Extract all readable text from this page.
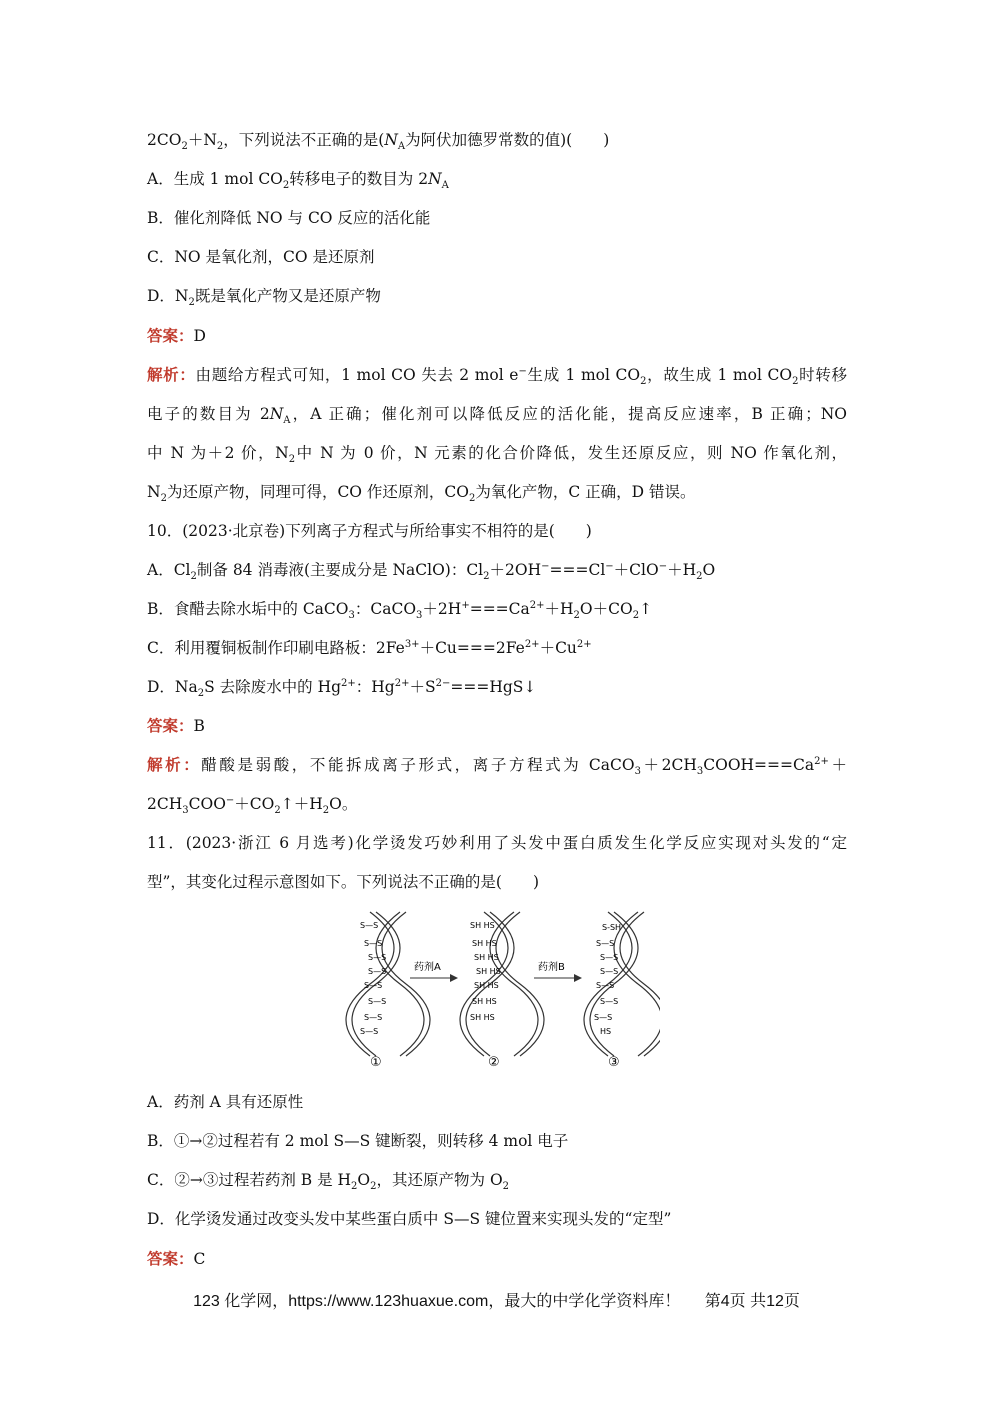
$2CO_2+N_2$，下列说法不正确的是($N_A$为阿伏加德罗常数的值)(　　)
A．生成 1 mol $CO_2$转移电子的数目为 $2N_A$
B．催化剂降低 NO 与 CO 反应的活化能
C．NO 是氧化剂，CO 是还原剂
D．$N_2$既是氧化产物又是还原产物
答案：D
解析：由题给方程式可知，1 mol CO 失去 2 mol e−生成 1 mol $CO_2$，故生成 1 mol $CO_2$时转移
电子的数目为 $2N_A$，A 正确；催化剂可以降低反应的活化能，提高反应速率，B 正确；NO
中 N 为＋2 价，$N_2$中 N 为 0 价，N 元素的化合价降低，发生还原反应，则 NO 作氧化剂，
$N_2$为还原产物，同理可得，CO 作还原剂，$CO_2$为氧化产物，C 正确，D 错误。
10．(2023·北京卷)下列离子方程式与所给事实不相符的是(　　)
A．$Cl_2$制备 84 消毒液(主要成分是 NaClO)：$Cl_2+2OH^-===Cl^-+ClO^-+H_2O$
B．食醋去除水垢中的 CaCO$_3$：$CaCO_3+2H^+===Ca^{2+}+H_2O+CO_2↑$
C．利用覆铜板制作印刷电路板：$2Fe^{3+}+Cu===2Fe^{2+}+Cu^{2+}$
D．$Na_2S$ 去除废水中的 $Hg^{2+}$：$Hg^{2+}+S^{2-}===HgS↓$
答案：B
解析：醋酸是弱酸，不能拆成离子形式，离子方程式为 $CaCO_3+2CH_3COOH===Ca^{2+}+$
$2CH_3COO^-+CO_2↑+H_2O$。
11．(2023·浙江 6 月选考)化学烫发巧妙利用了头发中蛋白质发生化学反应实现对头发的“定
型”，其变化过程示意图如下。下列说法不正确的是(　　)
S—S
S—S
S—S
S—S
S—S
S—S
S—S
S—S
药剂A
SH HS
SH HS
SH HS
SH HS
SH HS
SH HS
SH HS
药剂B
S-SH
S—S
S—S
S—S
S—S
S—S
S—S
HS
①	②	③
A．药剂 A 具有还原性
B．①→②过程若有 2 mol S—S 键断裂，则转移 4 mol 电子
C．②→③过程若药剂 B 是 $H_2O_2$，其还原产物为 $O_2$
D．化学烫发通过改变头发中某些蛋白质中 S—S 键位置来实现头发的“定型”
答案：C
123 化学网，https://www.123huaxue.com，最大的中学化学资料库！ 第4页 共12页
